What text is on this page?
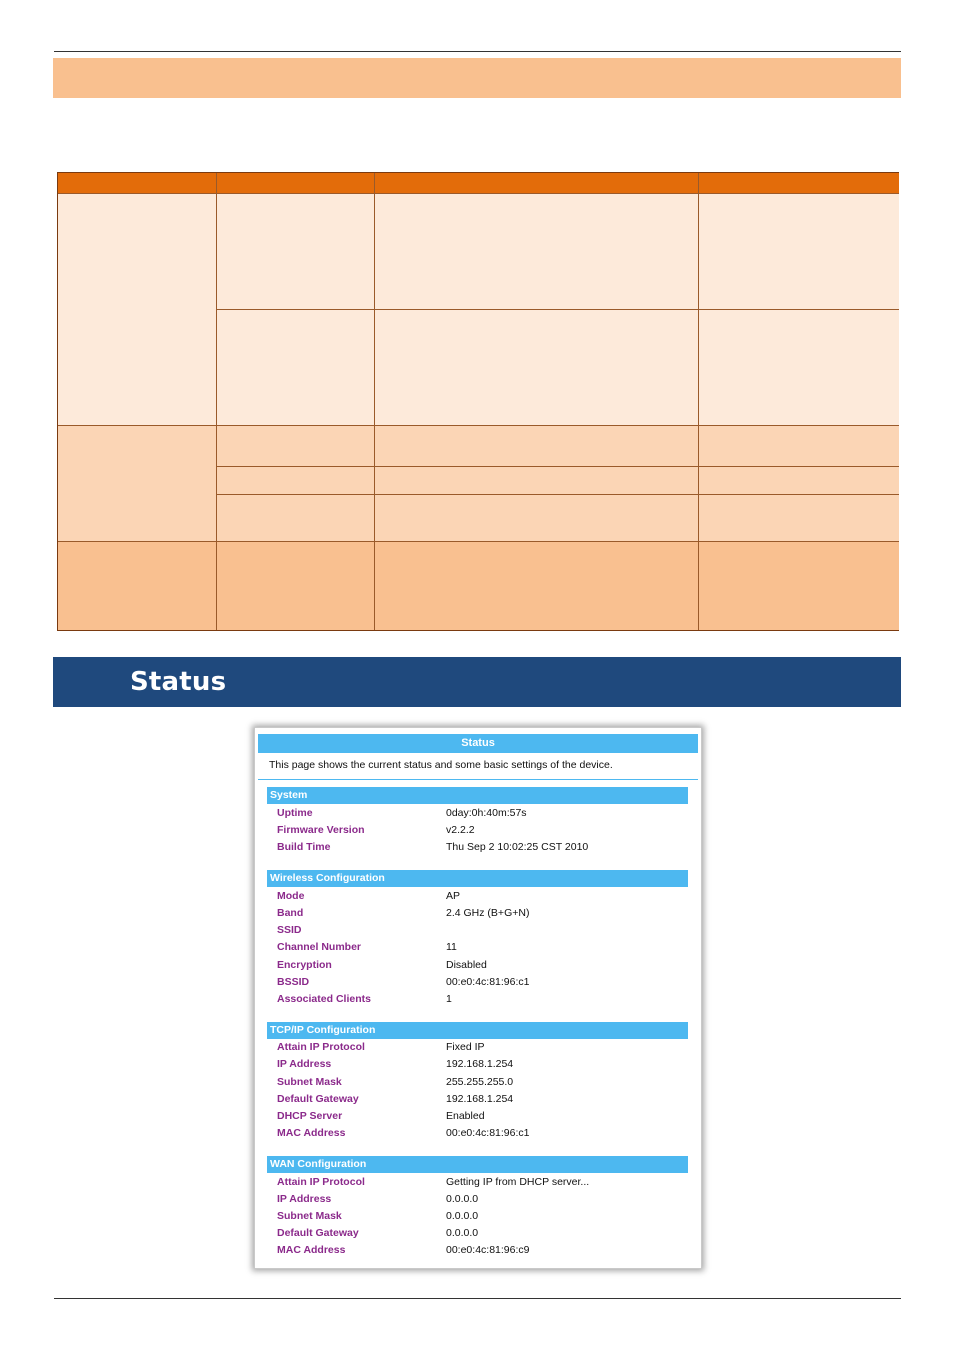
Status
Status
This page shows the current status and some basic settings of the device.
System
Uptime	0day:0h:40m:57s
Firmware Version	v2.2.2
Build Time	Thu Sep 2 10:02:25 CST 2010
Wireless Configuration
Mode	AP
Band	2.4 GHz (B+G+N)
SSID
Channel Number	11
Encryption	Disabled
BSSID	00:e0:4c:81:96:c1
Associated Clients	1
TCP/IP Configuration
Attain IP Protocol	Fixed IP
IP Address	192.168.1.254
Subnet Mask	255.255.255.0
Default Gateway	192.168.1.254
DHCP Server	Enabled
MAC Address	00:e0:4c:81:96:c1
WAN Configuration
Attain IP Protocol	Getting IP from DHCP server...
IP Address	0.0.0.0
Subnet Mask	0.0.0.0
Default Gateway	0.0.0.0
MAC Address	00:e0:4c:81:96:c9
